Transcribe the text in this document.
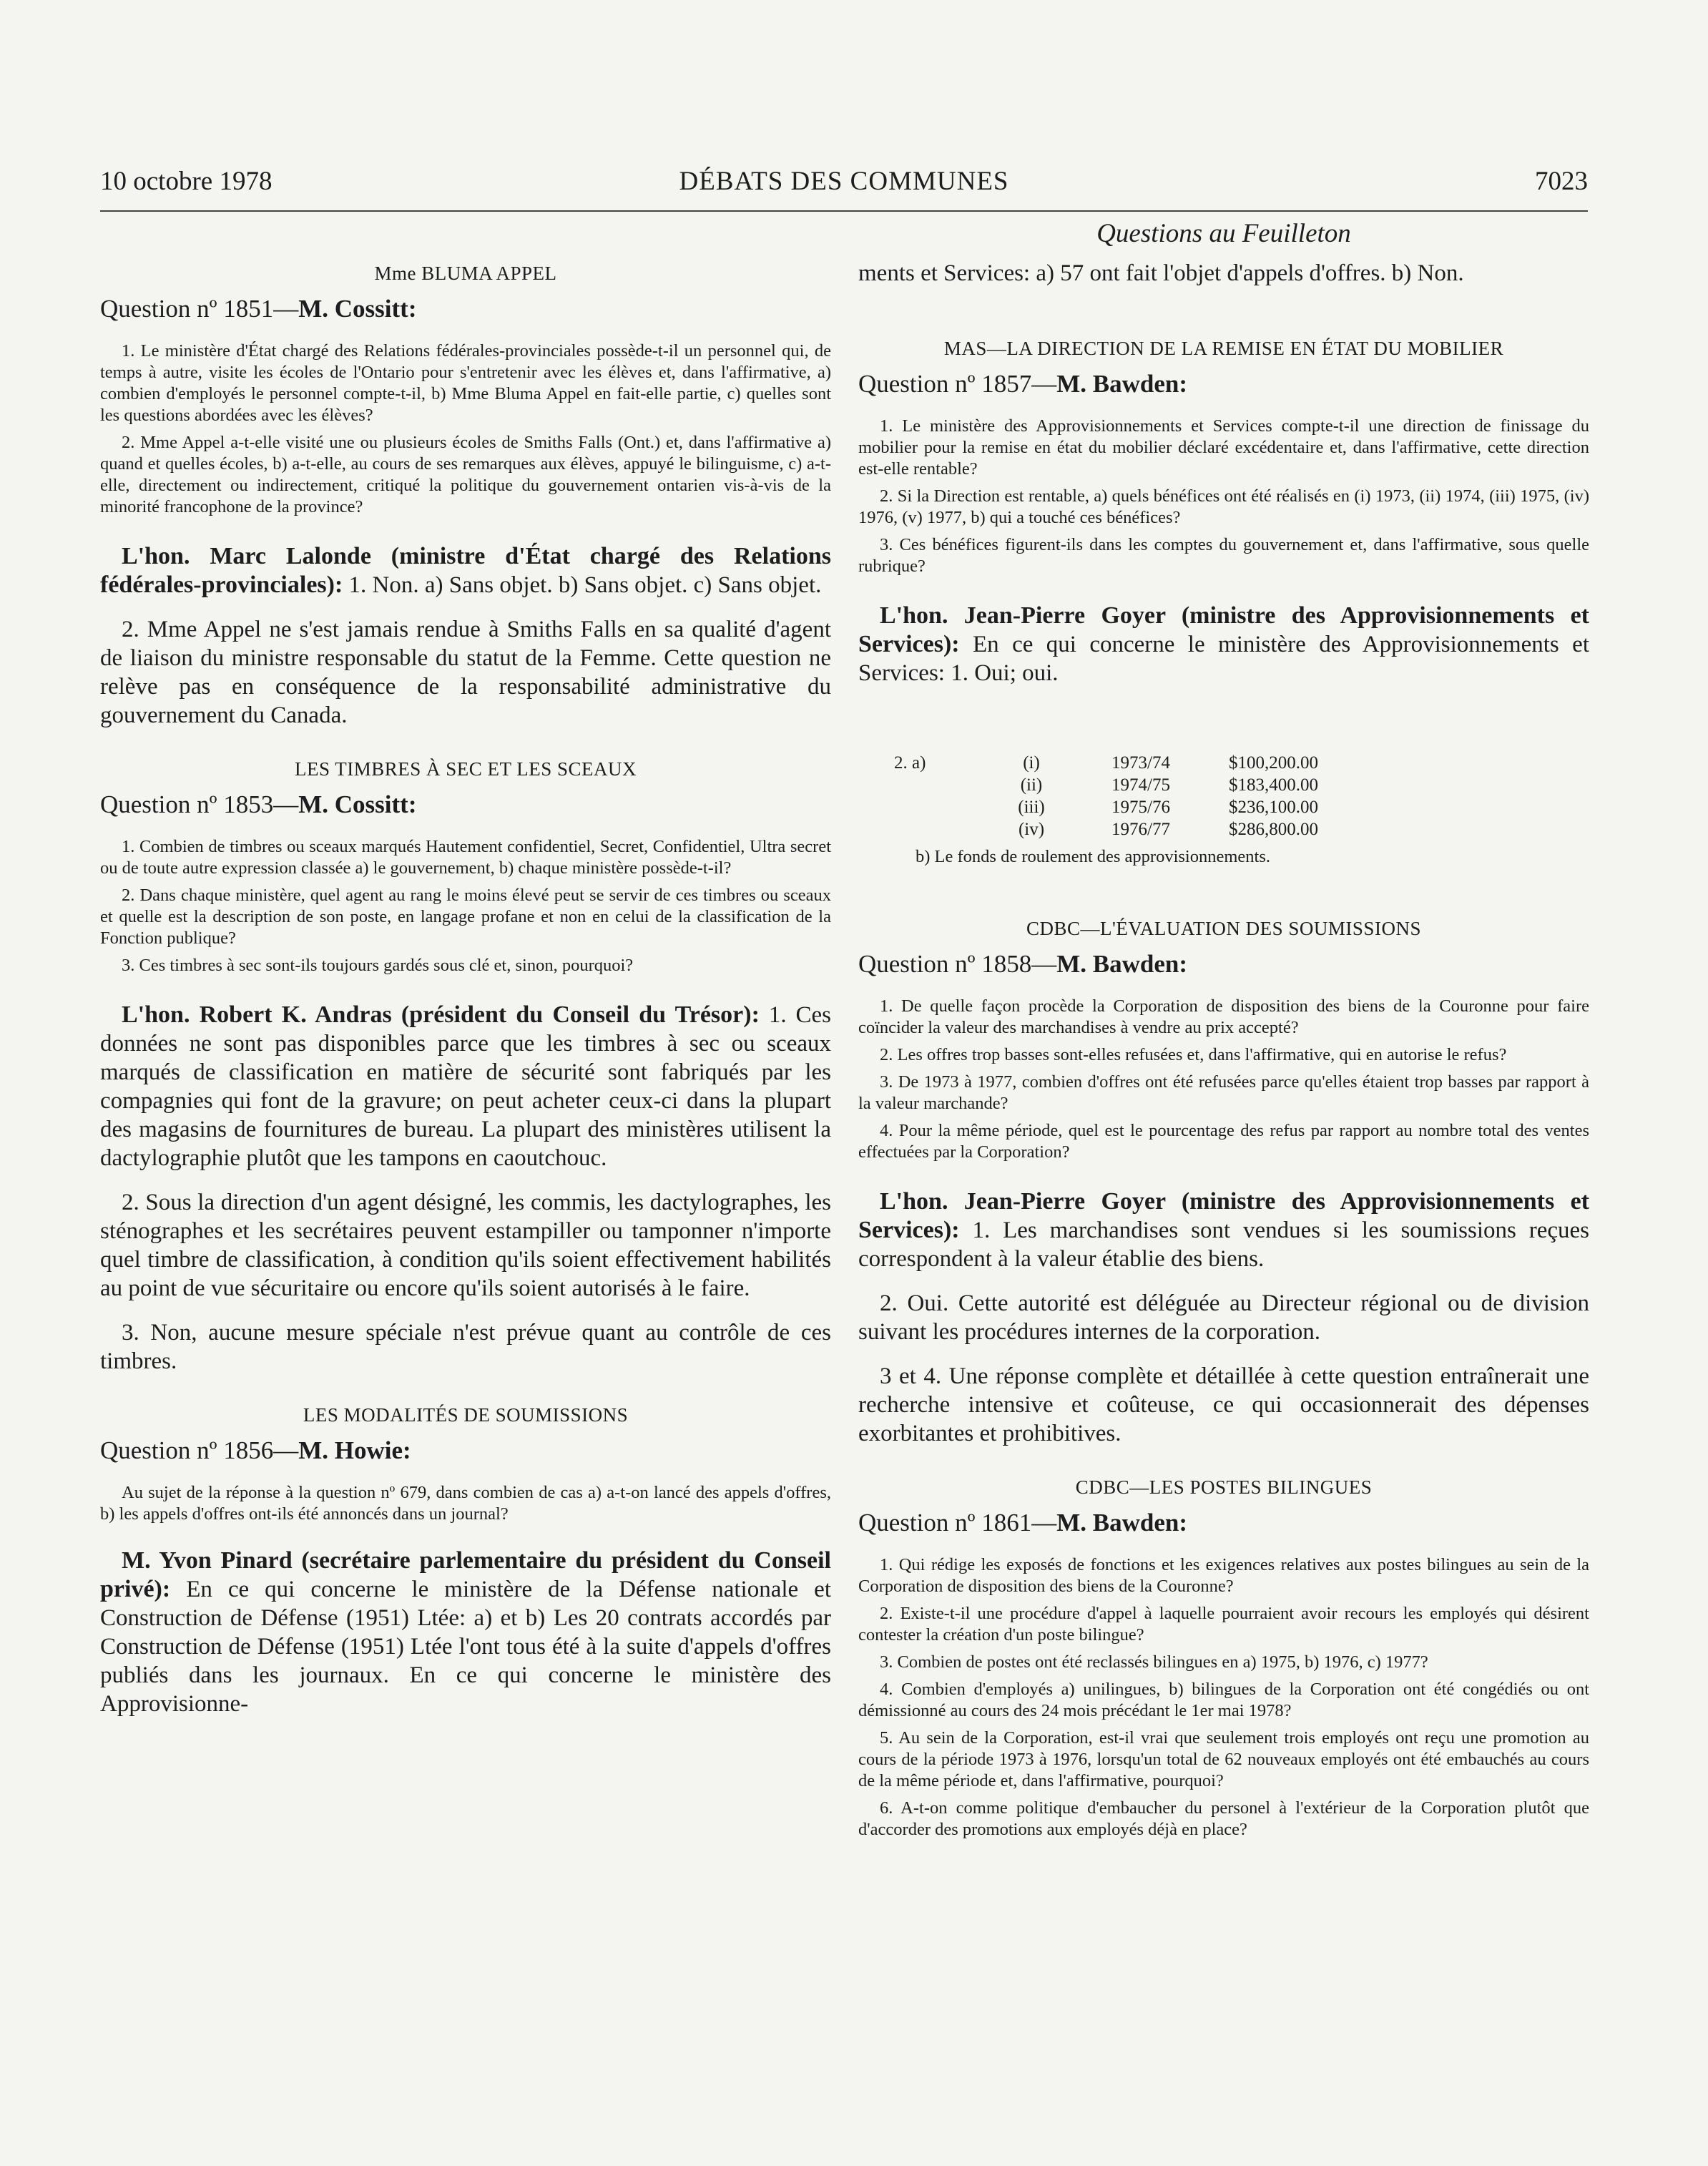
10 octobre 1978	DÉBATS DES COMMUNES	7023
Mme BLUMA APPEL
Question nº 1851—M. Cossitt:

1. Le ministère d'État chargé des Relations fédérales-provinciales possède-t-il un personnel qui, de temps à autre, visite les écoles de l'Ontario pour s'entretenir avec les élèves et, dans l'affirmative, a) combien d'employés le personnel compte-t-il, b) Mme Bluma Appel en fait-elle partie, c) quelles sont les questions abordées avec les élèves?

2. Mme Appel a-t-elle visité une ou plusieurs écoles de Smiths Falls (Ont.) et, dans l'affirmative a) quand et quelles écoles, b) a-t-elle, au cours de ses remarques aux élèves, appuyé le bilinguisme, c) a-t-elle, directement ou indirectement, critiqué la politique du gouvernement ontarien vis-à-vis de la minorité francophone de la province?

L'hon. Marc Lalonde (ministre d'État chargé des Relations fédérales-provinciales): 1. Non. a) Sans objet. b) Sans objet. c) Sans objet.

2. Mme Appel ne s'est jamais rendue à Smiths Falls en sa qualité d'agent de liaison du ministre responsable du statut de la Femme. Cette question ne relève pas en conséquence de la responsabilité administrative du gouvernement du Canada.

LES TIMBRES À SEC ET LES SCEAUX
Question nº 1853—M. Cossitt:

1. Combien de timbres ou sceaux marqués Hautement confidentiel, Secret, Confidentiel, Ultra secret ou de toute autre expression classée a) le gouvernement, b) chaque ministère possède-t-il?

2. Dans chaque ministère, quel agent au rang le moins élevé peut se servir de ces timbres ou sceaux et quelle est la description de son poste, en langage profane et non en celui de la classification de la Fonction publique?

3. Ces timbres à sec sont-ils toujours gardés sous clé et, sinon, pourquoi?

L'hon. Robert K. Andras (président du Conseil du Trésor): 1. Ces données ne sont pas disponibles parce que les timbres à sec ou sceaux marqués de classification en matière de sécurité sont fabriqués par les compagnies qui font de la gravure; on peut acheter ceux-ci dans la plupart des magasins de fournitures de bureau. La plupart des ministères utilisent la dactylographie plutôt que les tampons en caoutchouc.

2. Sous la direction d'un agent désigné, les commis, les dactylographes, les sténographes et les secrétaires peuvent estampiller ou tamponner n'importe quel timbre de classification, à condition qu'ils soient effectivement habilités au point de vue sécuritaire ou encore qu'ils soient autorisés à le faire.

3. Non, aucune mesure spéciale n'est prévue quant au contrôle de ces timbres.

LES MODALITÉS DE SOUMISSIONS
Question nº 1856—M. Howie:

Au sujet de la réponse à la question nº 679, dans combien de cas a) a-t-on lancé des appels d'offres, b) les appels d'offres ont-ils été annoncés dans un journal?

M. Yvon Pinard (secrétaire parlementaire du président du Conseil privé): En ce qui concerne le ministère de la Défense nationale et Construction de Défense (1951) Ltée: a) et b) Les 20 contrats accordés par Construction de Défense (1951) Ltée l'ont tous été à la suite d'appels d'offres publiés dans les journaux. En ce qui concerne le ministère des Approvisionne-

Questions au Feuilleton

ments et Services: a) 57 ont fait l'objet d'appels d'offres. b) Non.

MAS—LA DIRECTION DE LA REMISE EN ÉTAT DU MOBILIER
Question nº 1857—M. Bawden:

1. Le ministère des Approvisionnements et Services compte-t-il une direction de finissage du mobilier pour la remise en état du mobilier déclaré excédentaire et, dans l'affirmative, cette direction est-elle rentable?

2. Si la Direction est rentable, a) quels bénéfices ont été réalisés en (i) 1973, (ii) 1974, (iii) 1975, (iv) 1976, (v) 1977, b) qui a touché ces bénéfices?

3. Ces bénéfices figurent-ils dans les comptes du gouvernement et, dans l'affirmative, sous quelle rubrique?

L'hon. Jean-Pierre Goyer (ministre des Approvisionnements et Services): En ce qui concerne le ministère des Approvisionnements et Services: 1. Oui; oui.

2. a)	(i)	1973/74	$100,200.00
	(ii)	1974/75	$183,400.00
	(iii)	1975/76	$236,100.00
	(iv)	1976/77	$286,800.00

b) Le fonds de roulement des approvisionnements.

CDBC—L'ÉVALUATION DES SOUMISSIONS
Question nº 1858—M. Bawden:

1. De quelle façon procède la Corporation de disposition des biens de la Couronne pour faire coïncider la valeur des marchandises à vendre au prix accepté?

2. Les offres trop basses sont-elles refusées et, dans l'affirmative, qui en autorise le refus?

3. De 1973 à 1977, combien d'offres ont été refusées parce qu'elles étaient trop basses par rapport à la valeur marchande?

4. Pour la même période, quel est le pourcentage des refus par rapport au nombre total des ventes effectuées par la Corporation?

L'hon. Jean-Pierre Goyer (ministre des Approvisionnements et Services): 1. Les marchandises sont vendues si les soumissions reçues correspondent à la valeur établie des biens.

2. Oui. Cette autorité est déléguée au Directeur régional ou de division suivant les procédures internes de la corporation.

3 et 4. Une réponse complète et détaillée à cette question entraînerait une recherche intensive et coûteuse, ce qui occasionnerait des dépenses exorbitantes et prohibitives.

CDBC—LES POSTES BILINGUES
Question nº 1861—M. Bawden:

1. Qui rédige les exposés de fonctions et les exigences relatives aux postes bilingues au sein de la Corporation de disposition des biens de la Couronne?

2. Existe-t-il une procédure d'appel à laquelle pourraient avoir recours les employés qui désirent contester la création d'un poste bilingue?

3. Combien de postes ont été reclassés bilingues en a) 1975, b) 1976, c) 1977?

4. Combien d'employés a) unilingues, b) bilingues de la Corporation ont été congédiés ou ont démissionné au cours des 24 mois précédant le 1er mai 1978?

5. Au sein de la Corporation, est-il vrai que seulement trois employés ont reçu une promotion au cours de la période 1973 à 1976, lorsqu'un total de 62 nouveaux employés ont été embauchés au cours de la même période et, dans l'affirmative, pourquoi?

6. A-t-on comme politique d'embaucher du personel à l'extérieur de la Corporation plutôt que d'accorder des promotions aux employés déjà en place?
